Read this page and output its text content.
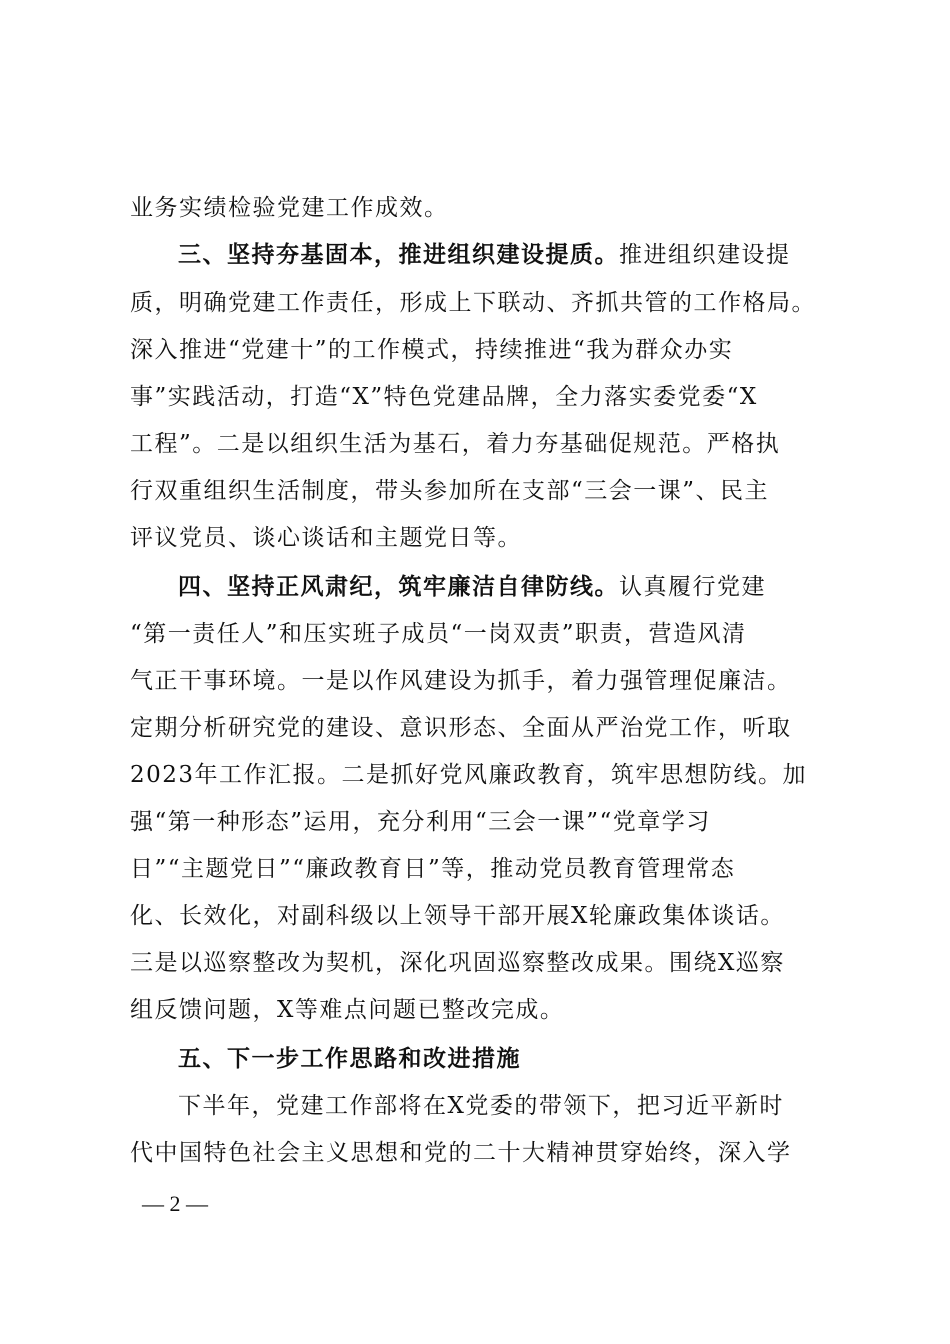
业务实绩检验党建工作成效。
三、坚持夯基固本，推进组织建设提质。推进组织建设提
质，明确党建工作责任，形成上下联动、齐抓共管的工作格局。
深入推进“党建十”的工作模式，持续推进“我为群众办实
事”实践活动，打造“X”特色党建品牌，全力落实委党委“X
工程”。二是以组织生活为基石，着力夯基础促规范。严格执
行双重组织生活制度，带头参加所在支部“三会一课”、民主
评议党员、谈心谈话和主题党日等。
四、坚持正风肃纪，筑牢廉洁自律防线。认真履行党建
“第一责任人”和压实班子成员“一岗双责”职责，营造风清
气正干事环境。一是以作风建设为抓手，着力强管理促廉洁。
定期分析研究党的建设、意识形态、全面从严治党工作，听取
2023年工作汇报。二是抓好党风廉政教育，筑牢思想防线。加
强“第一种形态”运用，充分利用“三会一课”“党章学习
日”“主题党日”“廉政教育日”等，推动党员教育管理常态
化、长效化，对副科级以上领导干部开展X轮廉政集体谈话。
三是以巡察整改为契机，深化巩固巡察整改成果。围绕X巡察
组反馈问题，X等难点问题已整改完成。
五、下一步工作思路和改进措施
下半年，党建工作部将在X党委的带领下，把习近平新时
代中国特色社会主义思想和党的二十大精神贯穿始终，深入学
— 2 —
